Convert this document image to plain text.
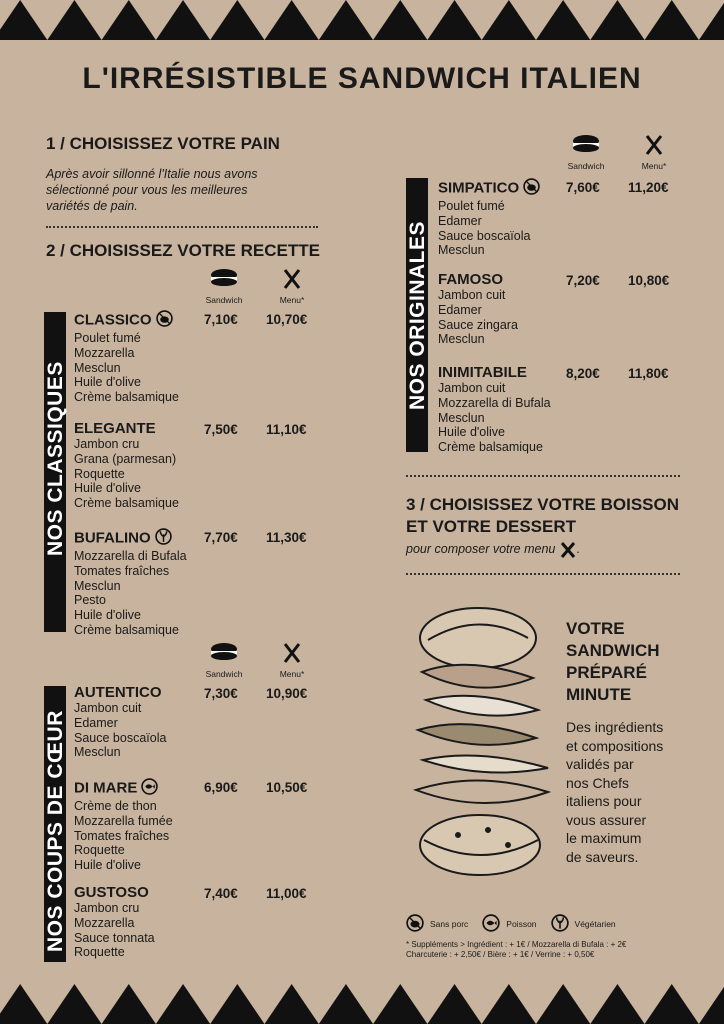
L'IRRÉSISTIBLE SANDWICH ITALIEN
1 / CHOISISSEZ VOTRE PAIN
Après avoir sillonné l'Italie nous avons
sélectionné pour vous les meilleures
variétés de pain.
2 / CHOISISSEZ VOTRE RECETTE
Sandwich	Menu*
NOS CLASSIQUES
CLASSICO
Poulet fumé
Mozzarella
Mesclun
Huile d'olive
Crème balsamique
7,10€ 10,70€
ELEGANTE
Jambon cru
Grana (parmesan)
Roquette
Huile d'olive
Crème balsamique
7,50€ 11,10€
BUFALINO
Mozzarella di Bufala
Tomates fraîches
Mesclun
Pesto
Huile d'olive
Crème balsamique
7,70€ 11,30€
Sandwich	Menu*
NOS COUPS DE CŒUR
AUTENTICO
Jambon cuit
Edamer
Sauce boscaïola
Mesclun
7,30€ 10,90€
DI MARE
Crème de thon
Mozzarella fumée
Tomates fraîches
Roquette
Huile d'olive
6,90€ 10,50€
GUSTOSO
Jambon cru
Mozzarella
Sauce tonnata
Roquette
7,40€ 11,00€
Sandwich	Menu*
NOS ORIGINALES
SIMPATICO
Poulet fumé
Edamer
Sauce boscaïola
Mesclun
7,60€ 11,20€
FAMOSO
Jambon cuit
Edamer
Sauce zingara
Mesclun
7,20€ 10,80€
INIMITABILE
Jambon cuit
Mozzarella di Bufala
Mesclun
Huile d'olive
Crème balsamique
8,20€ 11,80€
3 / CHOISISSEZ VOTRE BOISSON
ET VOTRE DESSERT
pour composer votre menu .
VOTRE
SANDWICH
PRÉPARÉ
MINUTE
Des ingrédients
et compositions
validés par
nos Chefs
italiens pour
vous assurer
le maximum
de saveurs.
Sans porc	Poisson	Végétarien
* Suppléments > Ingrédient : + 1€ / Mozzarella di Bufala : + 2€
Charcuterie : + 2,50€ / Bière : + 1€ / Verrine : + 0,50€
